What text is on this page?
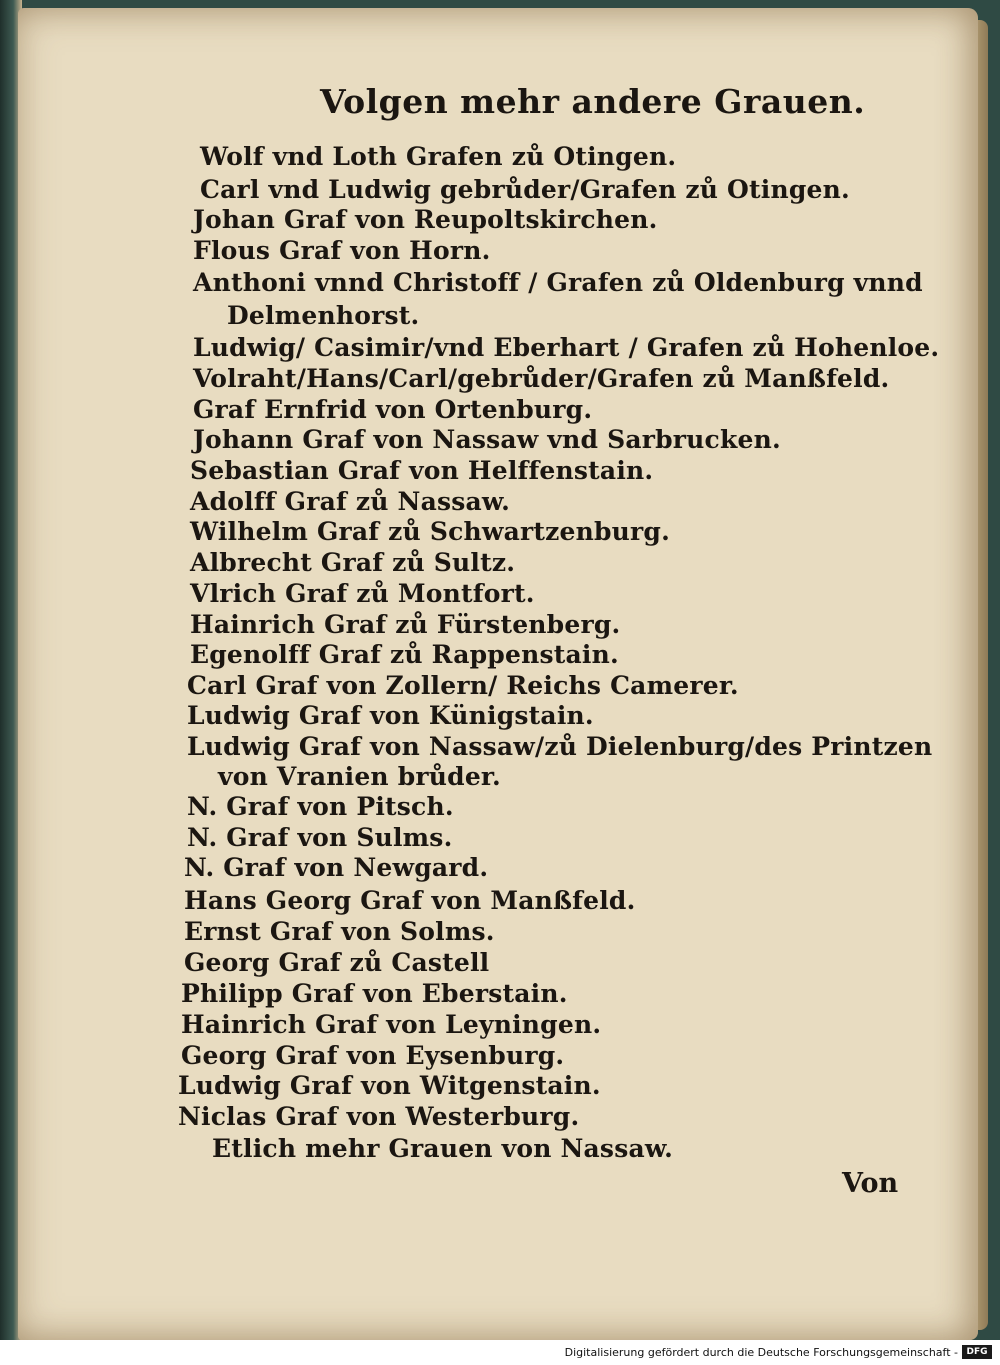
Volgen mehr andere Grauen.
Wolf vnd Loth Grafen zů Otingen.
Carl vnd Ludwig gebrůder/Grafen zů Otingen.
Johan Graf von Reupoltskirchen.
Flous Graf von Horn.
Anthoni vnnd Christoff / Grafen zů Oldenburg vnnd
Delmenhorst.
Ludwig/ Casimir/vnd Eberhart / Grafen zů Hohenloe.
Volraht/Hans/Carl/gebrůder/Grafen zů Manßfeld.
Graf Ernfrid von Ortenburg.
Johann Graf von Nassaw vnd Sarbrucken.
Sebastian Graf von Helffenstain.
Adolff Graf zů Nassaw.
Wilhelm Graf zů Schwartzenburg.
Albrecht Graf zů Sultz.
Vlrich Graf zů Montfort.
Hainrich Graf zů Fürstenberg.
Egenolff Graf zů Rappenstain.
Carl Graf von Zollern/ Reichs Camerer.
Ludwig Graf von Künigstain.
Ludwig Graf von Nassaw/zů Dielenburg/des Printzen
von Vranien brůder.
N. Graf von Pitsch.
N. Graf von Sulms.
N. Graf von Newgard.
Hans Georg Graf von Manßfeld.
Ernst Graf von Solms.
Georg Graf zů Castell
Philipp Graf von Eberstain.
Hainrich Graf von Leyningen.
Georg Graf von Eysenburg.
Ludwig Graf von Witgenstain.
Niclas Graf von Westerburg.
Etlich mehr Grauen von Nassaw.
Von
Digitalisierung gefördert durch die Deutsche Forschungsgemeinschaft - DFG
